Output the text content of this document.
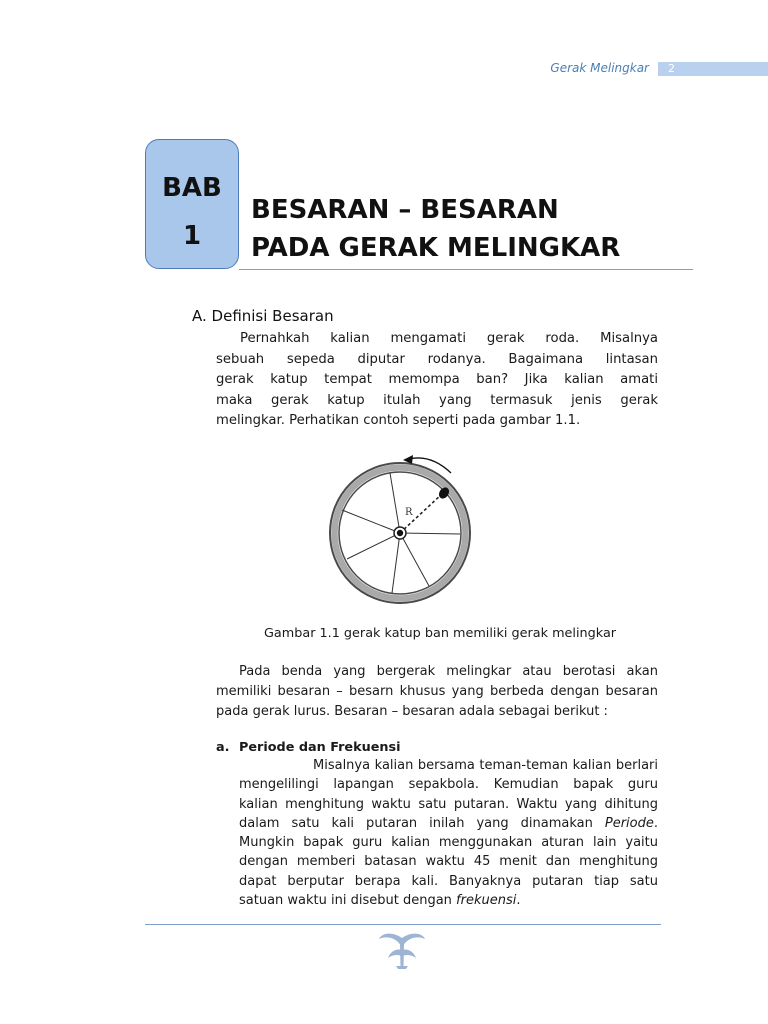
Gerak Melingkar 2
BAB
1
BESARAN – BESARAN
PADA GERAK MELINGKAR
A. Definisi Besaran
Pernahkah kalian mengamati gerak roda. Misalnya
sebuah sepeda diputar rodanya. Bagaimana lintasan
gerak katup tempat memompa ban? Jika kalian amati
maka gerak katup itulah yang termasuk jenis gerak
melingkar. Perhatikan contoh seperti pada gambar 1.1.
R
Gambar 1.1 gerak katup ban memiliki gerak melingkar
Pada benda yang bergerak melingkar atau berotasi akan
memiliki besaran – besarn khusus yang berbeda dengan besaran
pada gerak lurus. Besaran – besaran adala sebagai berikut :
a. Periode dan Frekuensi
Misalnya kalian bersama teman-teman kalian berlari
mengelilingi lapangan sepakbola. Kemudian bapak guru
kalian menghitung waktu satu putaran. Waktu yang dihitung
dalam satu kali putaran inilah yang dinamakan Periode.
Mungkin bapak guru kalian menggunakan aturan lain yaitu
dengan memberi batasan waktu 45 menit dan menghitung
dapat berputar berapa kali. Banyaknya putaran tiap satu
satuan waktu ini disebut dengan frekuensi.
